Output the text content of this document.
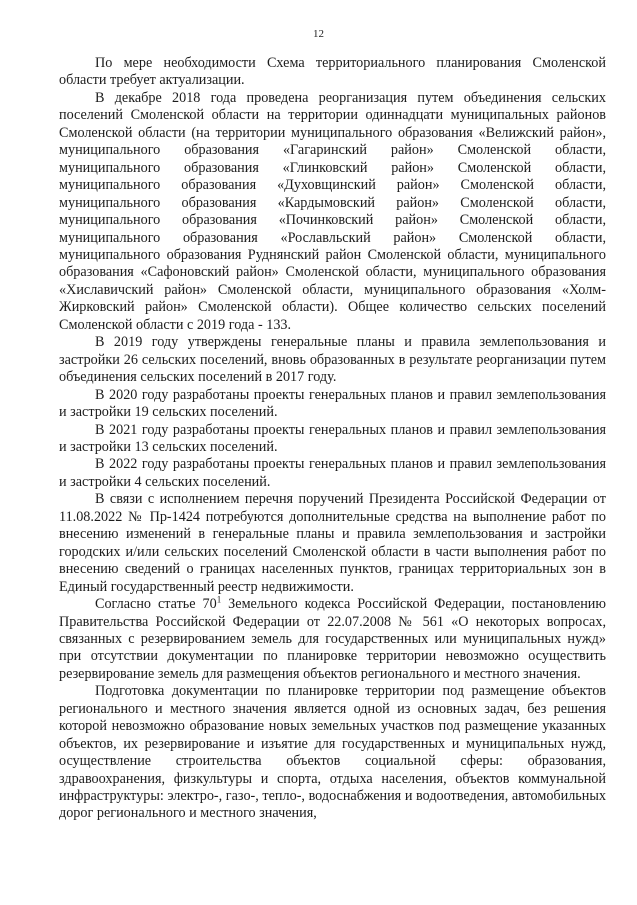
12

По мере необходимости Схема территориального планирования Смоленской области требует актуализации.

В декабре 2018 года проведена реорганизация путем объединения сельских поселений Смоленской области на территории одиннадцати муниципальных районов Смоленской области (на территории муниципального образования «Велижский район», муниципального образования «Гагаринский район» Смоленской области, муниципального образования «Глинковский район» Смоленской области, муниципального образования «Духовщинский район» Смоленской области, муниципального образования «Кардымовский район» Смоленской области, муниципального образования «Починковский район» Смоленской области, муниципального образования «Рославльский район» Смоленской области, муниципального образования Руднянский район Смоленской области, муниципального образования «Сафоновский район» Смоленской области, муниципального образования «Хиславичский район» Смоленской области, муниципального образования «Холм-Жирковский район» Смоленской области). Общее количество сельских поселений Смоленской области с 2019 года - 133.

В 2019 году утверждены генеральные планы и правила землепользования и застройки 26 сельских поселений, вновь образованных в результате реорганизации путем объединения сельских поселений в 2017 году.

В 2020 году разработаны проекты генеральных планов и правил землепользования и застройки 19 сельских поселений.

В 2021 году разработаны проекты генеральных планов и правил землепользования и застройки 13 сельских поселений.

В 2022 году разработаны проекты генеральных планов и правил землепользования и застройки 4 сельских поселений.

В связи с исполнением перечня поручений Президента Российской Федерации от 11.08.2022 № Пр-1424 потребуются дополнительные средства на выполнение работ по внесению изменений в генеральные планы и правила землепользования и застройки городских и/или сельских поселений Смоленской области в части выполнения работ по внесению сведений о границах населенных пунктов, границах территориальных зон в Единый государственный реестр недвижимости.

Согласно статье $70^1$ Земельного кодекса Российской Федерации, постановлению Правительства Российской Федерации от 22.07.2008 № 561 «О некоторых вопросах, связанных с резервированием земель для государственных или муниципальных нужд» при отсутствии документации по планировке территории невозможно осуществить резервирование земель для размещения объектов регионального и местного значения.

Подготовка документации по планировке территории под размещение объектов регионального и местного значения является одной из основных задач, без решения которой невозможно образование новых земельных участков под размещение указанных объектов, их резервирование и изъятие для государственных и муниципальных нужд, осуществление строительства объектов социальной сферы: образования, здравоохранения, физкультуры и спорта, отдыха населения, объектов коммунальной инфраструктуры: электро-, газо-, тепло-, водоснабжения и водоотведения, автомобильных дорог регионального и местного значения,
